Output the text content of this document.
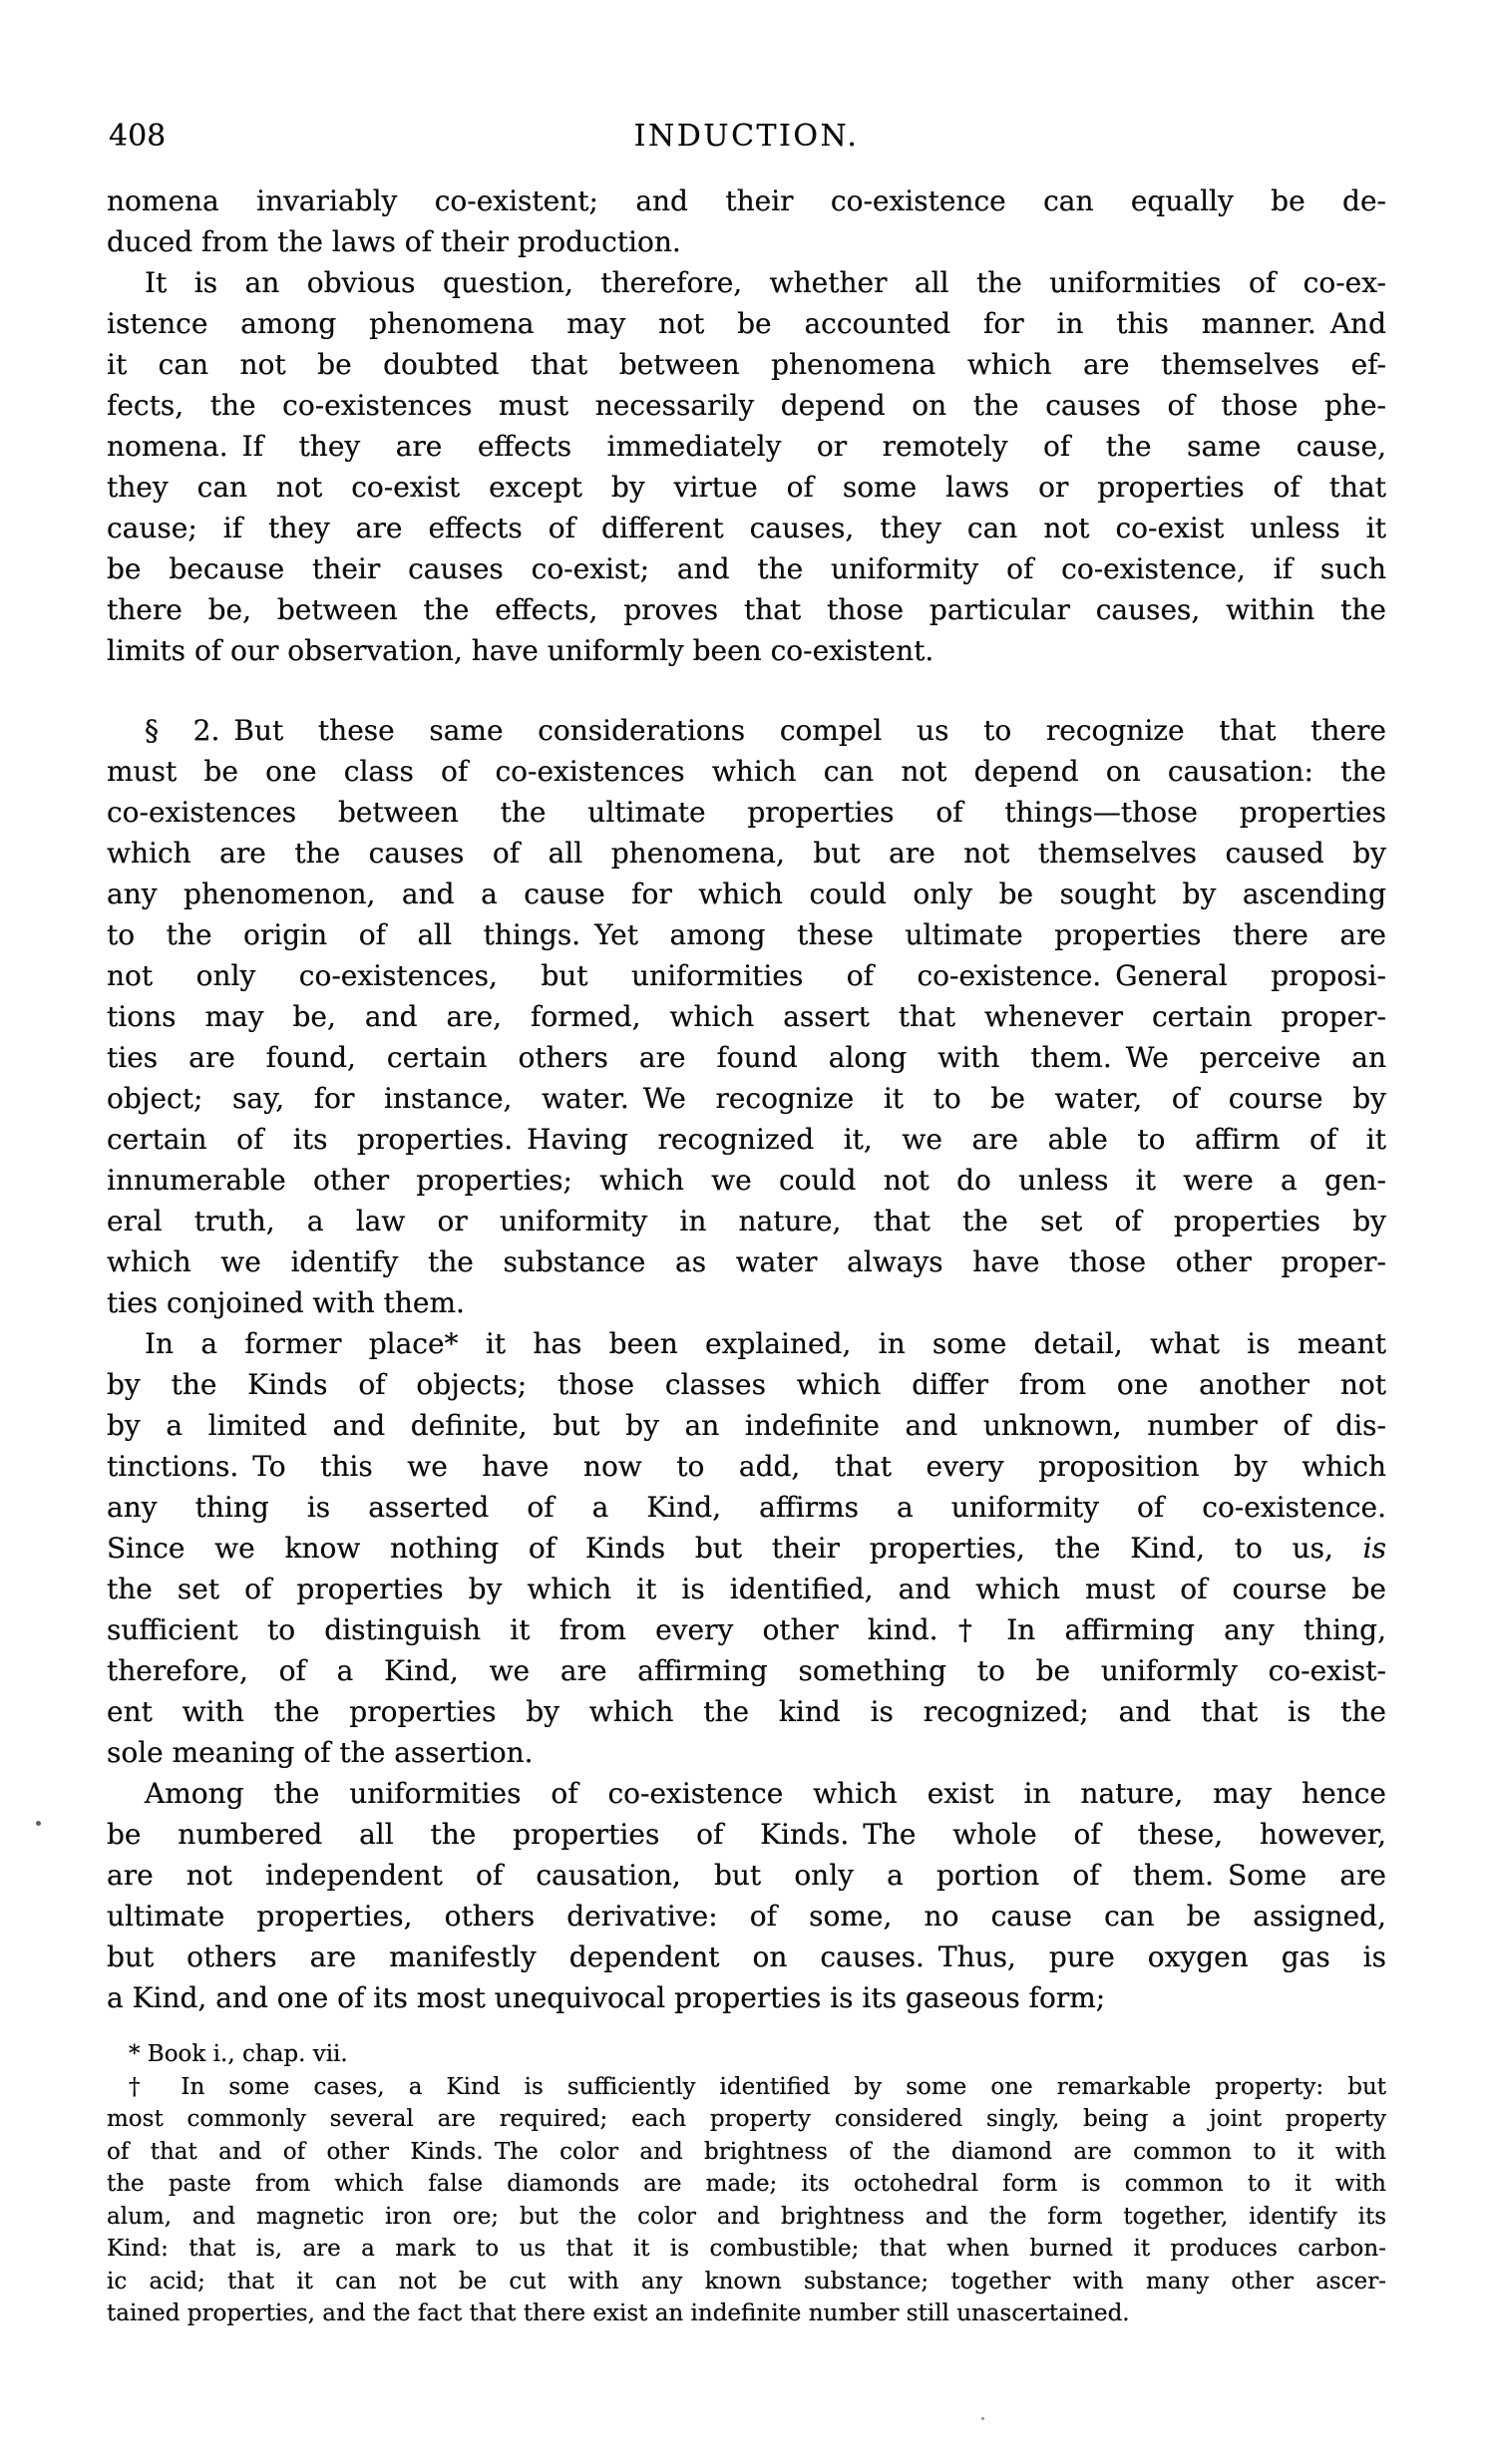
408	INDUCTION.
nomena invariably co-existent; and their co-existence can equally be de-
duced from the laws of their production.
It is an obvious question, therefore, whether all the uniformities of co-ex-
istence among phenomena may not be accounted for in this manner. And
it can not be doubted that between phenomena which are themselves ef-
fects, the co-existences must necessarily depend on the causes of those phe-
nomena. If they are effects immediately or remotely of the same cause,
they can not co-exist except by virtue of some laws or properties of that
cause; if they are effects of different causes, they can not co-exist unless it
be because their causes co-exist; and the uniformity of co-existence, if such
there be, between the effects, proves that those particular causes, within the
limits of our observation, have uniformly been co-existent.
§ 2. But these same considerations compel us to recognize that there
must be one class of co-existences which can not depend on causation: the
co-existences between the ultimate properties of things—those properties
which are the causes of all phenomena, but are not themselves caused by
any phenomenon, and a cause for which could only be sought by ascending
to the origin of all things. Yet among these ultimate properties there are
not only co-existences, but uniformities of co-existence. General proposi-
tions may be, and are, formed, which assert that whenever certain proper-
ties are found, certain others are found along with them. We perceive an
object; say, for instance, water. We recognize it to be water, of course by
certain of its properties. Having recognized it, we are able to affirm of it
innumerable other properties; which we could not do unless it were a gen-
eral truth, a law or uniformity in nature, that the set of properties by
which we identify the substance as water always have those other proper-
ties conjoined with them.
In a former place* it has been explained, in some detail, what is meant
by the Kinds of objects; those classes which differ from one another not
by a limited and definite, but by an indefinite and unknown, number of dis-
tinctions. To this we have now to add, that every proposition by which
any thing is asserted of a Kind, affirms a uniformity of co-existence.
Since we know nothing of Kinds but their properties, the Kind, to us, is
the set of properties by which it is identified, and which must of course be
sufficient to distinguish it from every other kind.† In affirming any thing,
therefore, of a Kind, we are affirming something to be uniformly co-exist-
ent with the properties by which the kind is recognized; and that is the
sole meaning of the assertion.
Among the uniformities of co-existence which exist in nature, may hence
be numbered all the properties of Kinds. The whole of these, however,
are not independent of causation, but only a portion of them. Some are
ultimate properties, others derivative: of some, no cause can be assigned,
but others are manifestly dependent on causes. Thus, pure oxygen gas is
a Kind, and one of its most unequivocal properties is its gaseous form;
* Book i., chap. vii.
† In some cases, a Kind is sufficiently identified by some one remarkable property: but
most commonly several are required; each property considered singly, being a joint property
of that and of other Kinds. The color and brightness of the diamond are common to it with
the paste from which false diamonds are made; its octohedral form is common to it with
alum, and magnetic iron ore; but the color and brightness and the form together, identify its
Kind: that is, are a mark to us that it is combustible; that when burned it produces carbon-
ic acid; that it can not be cut with any known substance; together with many other ascer-
tained properties, and the fact that there exist an indefinite number still unascertained.
